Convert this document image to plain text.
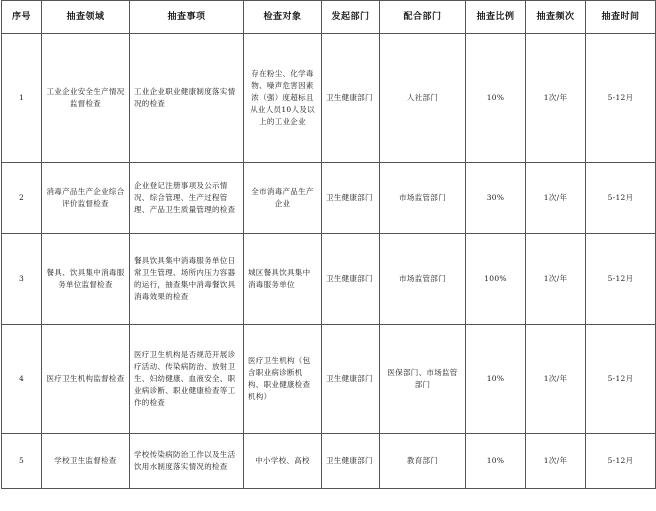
序号	抽查领域	抽查事项	检查对象	发起部门	配合部门	抽查比例	抽查频次	抽查时间
1	工业企业安全生产情况监督检查	工业企业职业健康制度落实情况的检查	存在粉尘、化学毒物、噪声危害因素浓（强）度超标且从业人员10人及以上的工业企业	卫生健康部门	人社部门	10%	1次/年	5-12月
2	消毒产品生产企业综合评价监督检查	企业登记注册事项及公示情况、综合管理、生产过程管理、产品卫生质量管理的检查	全市消毒产品生产企业	卫生健康部门	市场监管部门	30%	1次/年	5-12月
3	餐具、饮具集中消毒服务单位监督检查	餐具饮具集中消毒服务单位日常卫生管理、场所内压力容器的运行，抽查集中消毒餐饮具消毒效果的检查	城区餐具饮具集中消毒服务单位	卫生健康部门	市场监管部门	100%	1次/年	5-12月
4	医疗卫生机构监督检查	医疗卫生机构是否规范开展诊疗活动、传染病防治、放射卫生、妇幼健康、血液安全、职业病诊断、职业健康检查等工作的检查	医疗卫生机构（包含职业病诊断机构、职业健康检查机构）	卫生健康部门	医保部门、市场监管部门	10%	1次/年	5-12月
5	学校卫生监督检查	学校传染病防治工作以及生活饮用水制度落实情况的检查	中小学校、高校	卫生健康部门	教育部门	10%	1次/年	5-12月
